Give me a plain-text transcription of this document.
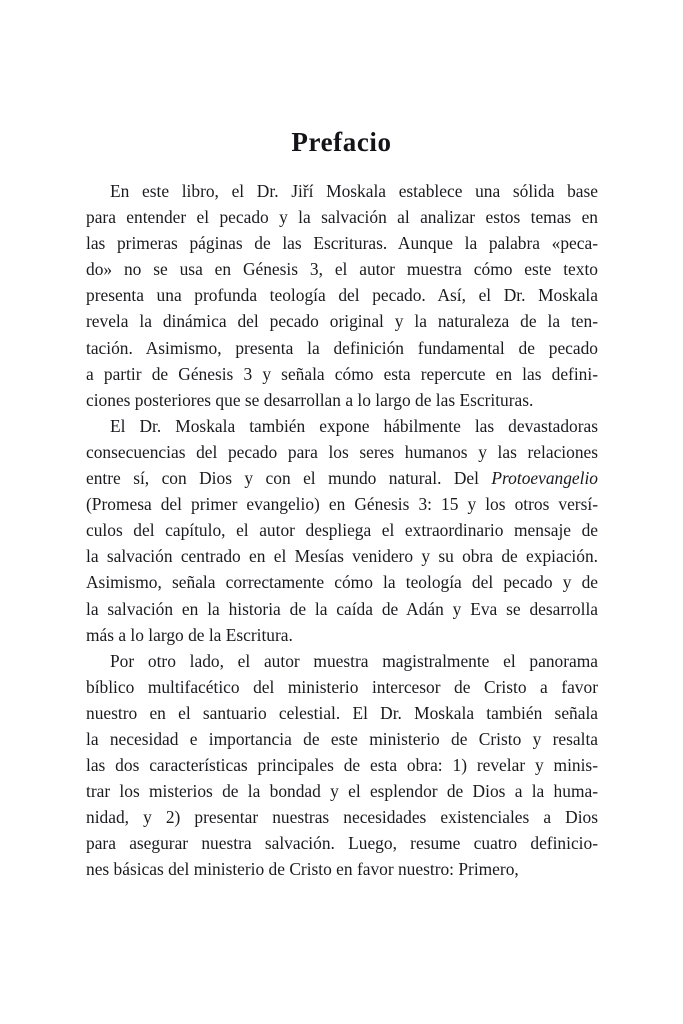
Prefacio

En este libro, el Dr. Jiří Moskala establece una sólida base
para entender el pecado y la salvación al analizar estos temas en
las primeras páginas de las Escrituras. Aunque la palabra «peca-
do» no se usa en Génesis 3, el autor muestra cómo este texto
presenta una profunda teología del pecado. Así, el Dr. Moskala
revela la dinámica del pecado original y la naturaleza de la ten-
tación. Asimismo, presenta la definición fundamental de pecado
a partir de Génesis 3 y señala cómo esta repercute en las defini-
ciones posteriores que se desarrollan a lo largo de las Escrituras.

El Dr. Moskala también expone hábilmente las devastadoras
consecuencias del pecado para los seres humanos y las relaciones
entre sí, con Dios y con el mundo natural. Del Protoevangelio
(Promesa del primer evangelio) en Génesis 3: 15 y los otros versí-
culos del capítulo, el autor despliega el extraordinario mensaje de
la salvación centrado en el Mesías venidero y su obra de expiación.
Asimismo, señala correctamente cómo la teología del pecado y de
la salvación en la historia de la caída de Adán y Eva se desarrolla
más a lo largo de la Escritura.

Por otro lado, el autor muestra magistralmente el panorama
bíblico multifacético del ministerio intercesor de Cristo a favor
nuestro en el santuario celestial. El Dr. Moskala también señala
la necesidad e importancia de este ministerio de Cristo y resalta
las dos características principales de esta obra: 1) revelar y minis-
trar los misterios de la bondad y el esplendor de Dios a la huma-
nidad, y 2) presentar nuestras necesidades existenciales a Dios
para asegurar nuestra salvación. Luego, resume cuatro definicio-
nes básicas del ministerio de Cristo en favor nuestro: Primero,
